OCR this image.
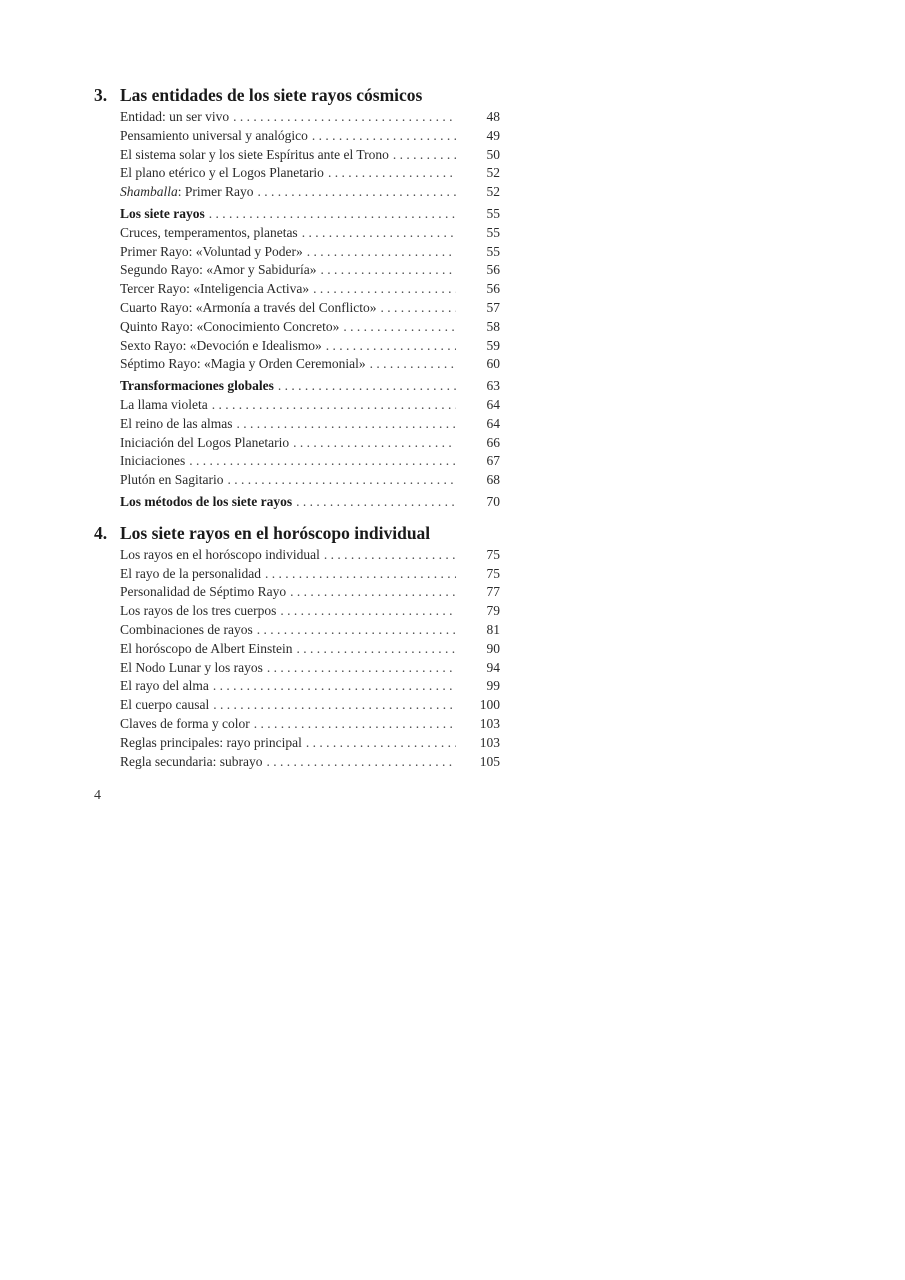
3. Las entidades de los siete rayos cósmicos
Entidad: un ser vivo . . .	48
Pensamiento universal y analógico . . .	49
El sistema solar y los siete Espíritus ante el Trono . . .	50
El plano etérico y el Logos Planetario . . .	52
Shamballa: Primer Rayo . . .	52
Los siete rayos . . .	55
Cruces, temperamentos, planetas . . .	55
Primer Rayo: «Voluntad y Poder» . . .	55
Segundo Rayo: «Amor y Sabiduría» . . .	56
Tercer Rayo: «Inteligencia Activa» . . .	56
Cuarto Rayo: «Armonía a través del Conflicto» . . .	57
Quinto Rayo: «Conocimiento Concreto» . . .	58
Sexto Rayo: «Devoción e Idealismo» . . .	59
Séptimo Rayo: «Magia y Orden Ceremonial» . . .	60
Transformaciones globales . . .	63
La llama violeta . . .	64
El reino de las almas . . .	64
Iniciación del Logos Planetario . . .	66
Iniciaciones . . .	67
Plutón en Sagitario . . .	68
Los métodos de los siete rayos . . .	70
4. Los siete rayos en el horóscopo individual
Los rayos en el horóscopo individual . . .	75
El rayo de la personalidad . . .	75
Personalidad de Séptimo Rayo . . .	77
Los rayos de los tres cuerpos . . .	79
Combinaciones de rayos . . .	81
El horóscopo de Albert Einstein . . .	90
El Nodo Lunar y los rayos . . .	94
El rayo del alma . . .	99
El cuerpo causal . . .	100
Claves de forma y color . . .	103
Reglas principales: rayo principal . . .	103
Regla secundaria: subrayo . . .	105
4
